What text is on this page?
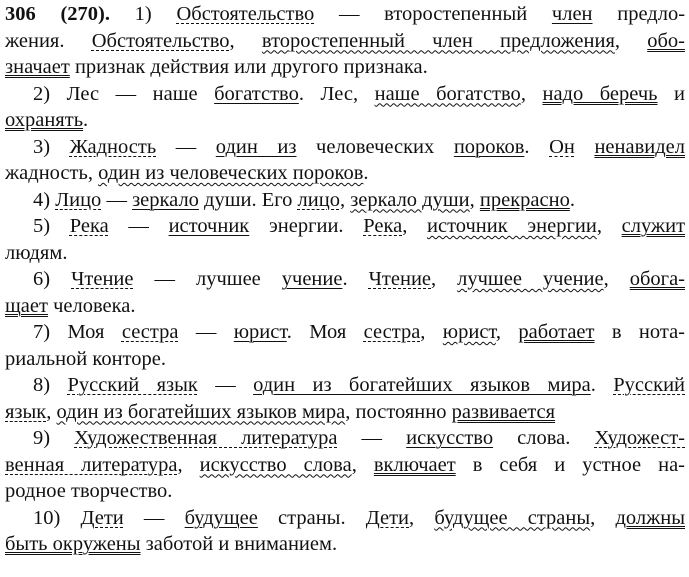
306 (270). 1) Обстоятельство — второстепенный член предло-
жения. Обстоятельство, второстепенный член предложения, обо-
значает признак действия или другого признака.
2) Лес — наше богатство. Лес, наше богатство, надо беречь и
охранять.
3) Жадность — один из человеческих пороков. Он ненавидел
жадность, один из человеческих пороков.
4) Лицо — зеркало души. Его лицо, зеркало души, прекрасно.
5) Река — источник энергии. Река, источник энергии, служит
людям.
6) Чтение — лучшее учение. Чтение, лучшее учение, обога-
щает человека.
7) Моя сестра — юрист. Моя сестра, юрист, работает в нота-
риальной конторе.
8) Русский язык — один из богатейших языков мира. Русский
язык, один из богатейших языков мира, постоянно развивается
9) Художественная литература — искусство слова. Художест-
венная литература, искусство слова, включает в себя и устное на-
родное творчество.
10) Дети — будущее страны. Дети, будущее страны, должны
быть окружены заботой и вниманием.
